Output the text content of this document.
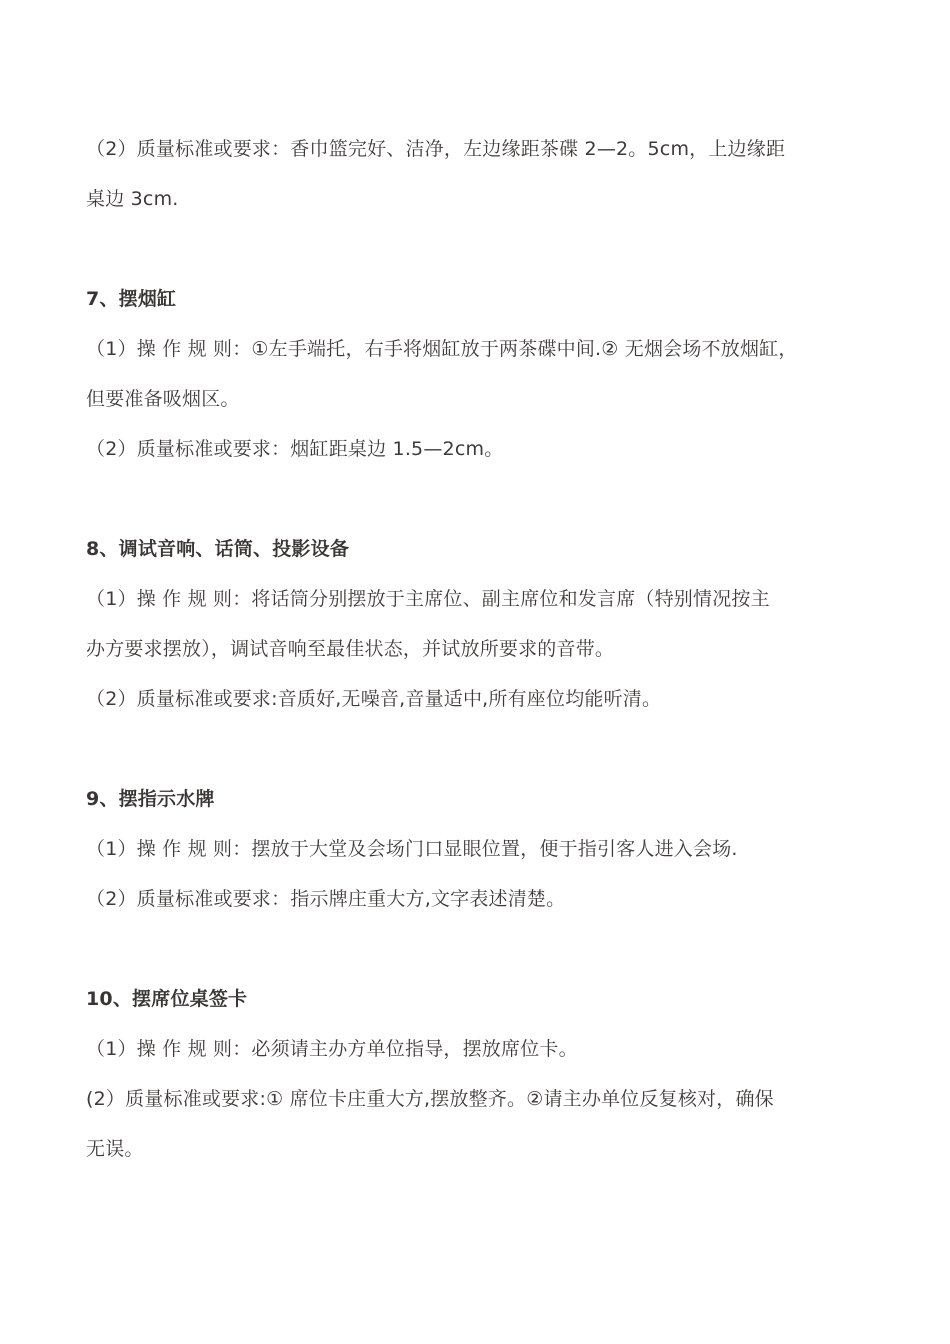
（2）质量标准或要求：香巾篮完好、洁净，左边缘距茶碟 2—2。5cm，上边缘距
桌边 3cm.
7、摆烟缸
（1）操 作 规 则：①左手端托，右手将烟缸放于两茶碟中间.② 无烟会场不放烟缸，
但要准备吸烟区。
（2）质量标准或要求：烟缸距桌边 1.5—2cm。
8、调试音响、话筒、投影设备
（1）操 作 规 则：将话筒分别摆放于主席位、副主席位和发言席（特别情况按主
办方要求摆放），调试音响至最佳状态，并试放所要求的音带。
（2）质量标准或要求:音质好,无噪音,音量适中,所有座位均能听清。
9、摆指示水牌
（1）操 作 规 则：摆放于大堂及会场门口显眼位置，便于指引客人进入会场.
（2）质量标准或要求：指示牌庄重大方,文字表述清楚。
10、摆席位桌签卡
（1）操 作 规 则：必须请主办方单位指导，摆放席位卡。
(2）质量标准或要求:① 席位卡庄重大方,摆放整齐。②请主办单位反复核对，确保
无误。
